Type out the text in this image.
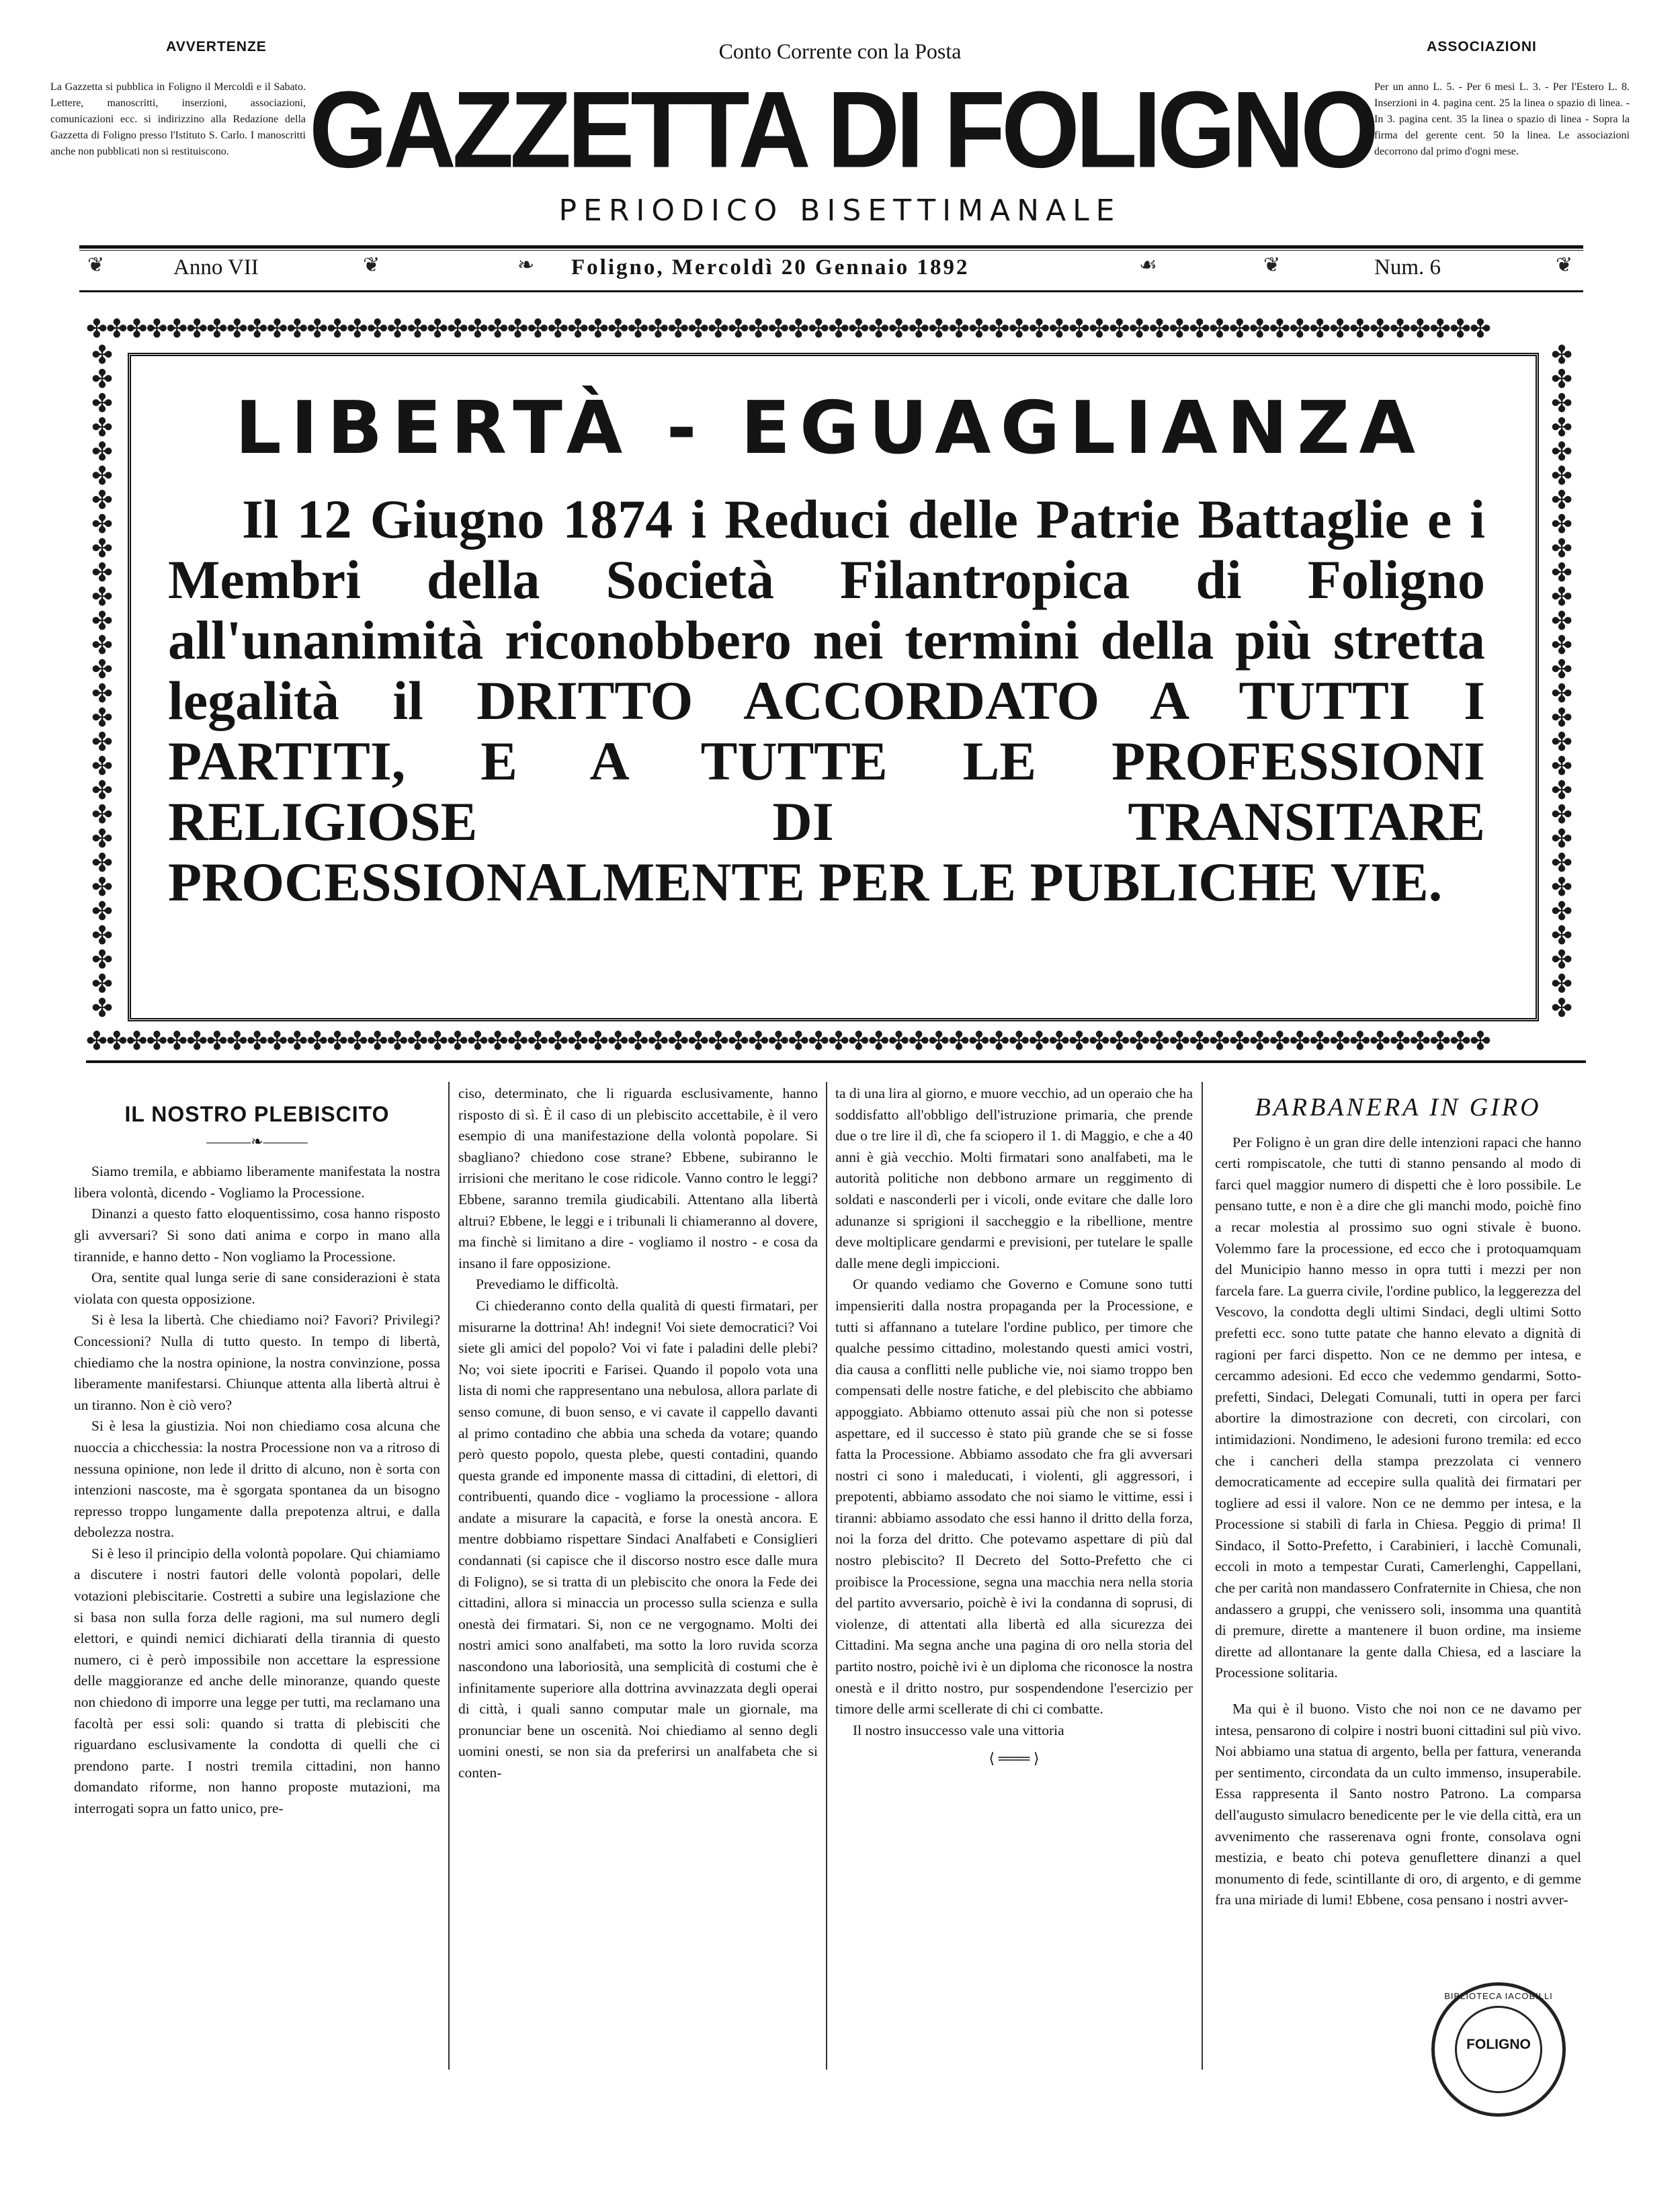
AVVERTENZE
La Gazzetta si pubblica in Foligno il Mercoldì e il Sabato. Lettere, manoscritti, inserzioni, associazioni, comunicazioni ecc. si indirizzino alla Redazione della Gazzetta di Foligno presso l'Istituto S. Carlo. I manoscritti anche non pubblicati non si restituiscono.
Conto Corrente con la Posta
GAZZETTA DI FOLIGNO
PERIODICO BISETTIMANALE
ASSOCIAZIONI
Per un anno L. 5. - Per 6 mesi L. 3. - Per l'Estero L. 8. Inserzioni in 4. pagina cent. 25 la linea o spazio di linea. - In 3. pagina cent. 35 la linea o spazio di linea - Sopra la firma del gerente cent. 50 la linea. Le associazioni decorrono dal primo d'ogni mese.
❦	Anno VII	❦	❧ Foligno, Mercoldì 20 Gennaio 1892	☙	❦	Num. 6	❦
✤✤✤✤✤✤✤✤✤✤✤✤✤✤✤✤✤✤✤✤✤✤✤✤✤✤✤✤✤✤✤✤✤✤✤✤✤✤✤✤✤✤✤✤✤✤✤✤✤✤✤✤✤✤✤✤✤✤✤✤✤✤✤✤✤✤✤✤✤✤
✤✤✤✤✤✤✤✤✤✤✤✤✤✤✤✤✤✤✤✤✤✤✤✤✤✤✤✤✤✤✤✤✤✤✤✤✤✤✤✤✤✤✤✤✤✤✤✤✤✤✤✤✤✤✤✤✤✤✤✤✤✤✤✤✤✤✤✤✤✤
✤✤✤✤✤✤✤✤✤✤✤✤✤✤✤✤✤✤✤✤✤✤✤✤✤✤✤✤
✤✤✤✤✤✤✤✤✤✤✤✤✤✤✤✤✤✤✤✤✤✤✤✤✤✤✤✤
LIBERTÀ - EGUAGLIANZA

Il 12 Giugno 1874 i Reduci delle Patrie Battaglie e i Membri della Società Filantropica di Foligno all'unanimità riconobbero nei termini della più stretta legalità il DRITTO ACCORDATO A TUTTI I PARTITI, E A TUTTE LE PROFESSIONI RELIGIOSE DI TRANSITARE PROCESSIONALMENTE PER LE PUBLICHE VIE.

IL NOSTRO PLEBISCITO
―――❧―――

Siamo tremila, e abbiamo liberamente manifestata la nostra libera volontà, dicendo - Vogliamo la Processione.

Dinanzi a questo fatto eloquentissimo, cosa hanno risposto gli avversari? Si sono dati anima e corpo in mano alla tirannide, e hanno detto - Non vogliamo la Processione.

Ora, sentite qual lunga serie di sane considerazioni è stata violata con questa opposizione.

Si è lesa la libertà. Che chiediamo noi? Favori? Privilegi? Concessioni? Nulla di tutto questo. In tempo di libertà, chiediamo che la nostra opinione, la nostra convinzione, possa liberamente manifestarsi. Chiunque attenta alla libertà altrui è un tiranno. Non è ciò vero?

Si è lesa la giustizia. Noi non chiediamo cosa alcuna che nuoccia a chicchessia: la nostra Processione non va a ritroso di nessuna opinione, non lede il dritto di alcuno, non è sorta con intenzioni nascoste, ma è sgorgata spontanea da un bisogno represso troppo lungamente dalla prepotenza altrui, e dalla debolezza nostra.

Si è leso il principio della volontà popolare. Qui chiamiamo a discutere i nostri fautori delle volontà popolari, delle votazioni plebiscitarie. Costretti a subire una legislazione che si basa non sulla forza delle ragioni, ma sul numero degli elettori, e quindi nemici dichiarati della tirannia di questo numero, ci è però impossibile non accettare la espressione delle maggioranze ed anche delle minoranze, quando queste non chiedono di imporre una legge per tutti, ma reclamano una facoltà per essi soli: quando si tratta di plebisciti che riguardano esclusivamente la condotta di quelli che ci prendono parte. I nostri tremila cittadini, non hanno domandato riforme, non hanno proposte mutazioni, ma interrogati sopra un fatto unico, pre-

ciso, determinato, che li riguarda esclusivamente, hanno risposto di sì. È il caso di un plebiscito accettabile, è il vero esempio di una manifestazione della volontà popolare. Si sbagliano? chiedono cose strane? Ebbene, subiranno le irrisioni che meritano le cose ridicole. Vanno contro le leggi? Ebbene, saranno tremila giudicabili. Attentano alla libertà altrui? Ebbene, le leggi e i tribunali li chiameranno al dovere, ma finchè si limitano a dire - vogliamo il nostro - e cosa da insano il fare opposizione.

Prevediamo le difficoltà.

Ci chiederanno conto della qualità di questi firmatari, per misurarne la dottrina! Ah! indegni! Voi siete democratici? Voi siete gli amici del popolo? Voi vi fate i paladini delle plebi? No; voi siete ipocriti e Farisei. Quando il popolo vota una lista di nomi che rappresentano una nebulosa, allora parlate di senso comune, di buon senso, e vi cavate il cappello davanti al primo contadino che abbia una scheda da votare; quando però questo popolo, questa plebe, questi contadini, quando questa grande ed imponente massa di cittadini, di elettori, di contribuenti, quando dice - vogliamo la processione - allora andate a misurare la capacità, e forse la onestà ancora. E mentre dobbiamo rispettare Sindaci Analfabeti e Consiglieri condannati (si capisce che il discorso nostro esce dalle mura di Foligno), se si tratta di un plebiscito che onora la Fede dei cittadini, allora si minaccia un processo sulla scienza e sulla onestà dei firmatari. Si, non ce ne vergognamo. Molti dei nostri amici sono analfabeti, ma sotto la loro ruvida scorza nascondono una laboriosità, una semplicità di costumi che è infinitamente superiore alla dottrina avvinazzata degli operai di città, i quali sanno computar male un giornale, ma pronunciar bene un oscenità. Noi chiediamo al senno degli uomini onesti, se non sia da preferirsi un analfabeta che si conten-

ta di una lira al giorno, e muore vecchio, ad un operaio che ha soddisfatto all'obbligo dell'istruzione primaria, che prende due o tre lire il dì, che fa sciopero il 1. di Maggio, e che a 40 anni è già vecchio. Molti firmatari sono analfabeti, ma le autorità politiche non debbono armare un reggimento di soldati e nasconderli per i vicoli, onde evitare che dalle loro adunanze si sprigioni il saccheggio e la ribellione, mentre deve moltiplicare gendarmi e previsioni, per tutelare le spalle dalle mene degli impiccioni.

Or quando vediamo che Governo e Comune sono tutti impensieriti dalla nostra propaganda per la Processione, e tutti si affannano a tutelare l'ordine publico, per timore che qualche pessimo cittadino, molestando questi amici vostri, dia causa a conflitti nelle publiche vie, noi siamo troppo ben compensati delle nostre fatiche, e del plebiscito che abbiamo appoggiato. Abbiamo ottenuto assai più che non si potesse aspettare, ed il successo è stato più grande che se si fosse fatta la Processione. Abbiamo assodato che fra gli avversari nostri ci sono i maleducati, i violenti, gli aggressori, i prepotenti, abbiamo assodato che noi siamo le vittime, essi i tiranni: abbiamo assodato che essi hanno il dritto della forza, noi la forza del dritto. Che potevamo aspettare di più dal nostro plebiscito? Il Decreto del Sotto-Prefetto che ci proibisce la Processione, segna una macchia nera nella storia del partito avversario, poichè è ivi la condanna di soprusi, di violenze, di attentati alla libertà ed alla sicurezza dei Cittadini. Ma segna anche una pagina di oro nella storia del partito nostro, poichè ivi è un diploma che riconosce la nostra onestà e il dritto nostro, pur sospendendone l'esercizio per timore delle armi scellerate di chi ci combatte.

Il nostro insuccesso vale una vittoria

⟨ ═══ ⟩
BARBANERA IN GIRO

Per Foligno è un gran dire delle intenzioni rapaci che hanno certi rompiscatole, che tutti di stanno pensando al modo di farci quel maggior numero di dispetti che è loro possibile. Le pensano tutte, e non è a dire che gli manchi modo, poichè fino a recar molestia al prossimo suo ogni stivale è buono. Volemmo fare la processione, ed ecco che i protoquamquam del Municipio hanno messo in opra tutti i mezzi per non farcela fare. La guerra civile, l'ordine publico, la leggerezza del Vescovo, la condotta degli ultimi Sindaci, degli ultimi Sotto prefetti ecc. sono tutte patate che hanno elevato a dignità di ragioni per farci dispetto. Non ce ne demmo per intesa, e cercammo adesioni. Ed ecco che vedemmo gendarmi, Sotto-prefetti, Sindaci, Delegati Comunali, tutti in opera per farci abortire la dimostrazione con decreti, con circolari, con intimidazioni. Nondimeno, le adesioni furono tremila: ed ecco che i cancheri della stampa prezzolata ci vennero democraticamente ad eccepire sulla qualità dei firmatari per togliere ad essi il valore. Non ce ne demmo per intesa, e la Processione si stabilì di farla in Chiesa. Peggio di prima! Il Sindaco, il Sotto-Prefetto, i Carabinieri, i lacchè Comunali, eccoli in moto a tempestar Curati, Camerlenghi, Cappellani, che per carità non mandassero Confraternite in Chiesa, che non andassero a gruppi, che venissero soli, insomma una quantità di premure, dirette a mantenere il buon ordine, ma insieme dirette ad allontanare la gente dalla Chiesa, ed a lasciare la Processione solitaria.

Ma qui è il buono. Visto che noi non ce ne davamo per intesa, pensarono di colpire i nostri buoni cittadini sul più vivo. Noi abbiamo una statua di argento, bella per fattura, veneranda per sentimento, circondata da un culto immenso, insuperabile. Essa rappresenta il Santo nostro Patrono. La comparsa dell'augusto simulacro benedicente per le vie della città, era un avvenimento che rasserenava ogni fronte, consolava ogni mestizia, e beato chi poteva genuflettere dinanzi a quel monumento di fede, scintillante di oro, di argento, e di gemme fra una miriade di lumi! Ebbene, cosa pensano i nostri avver-

FOLIGNO
BIBLIOTECA IACOBILLI
